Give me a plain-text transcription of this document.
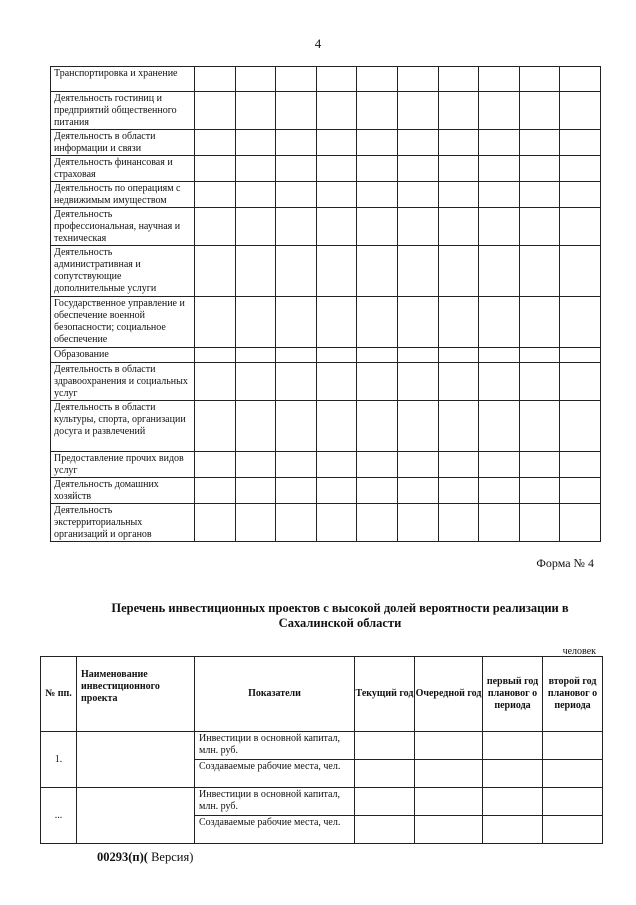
4
Транспортировка и хранение										
Деятельность гостиниц и предприятий общественного питания										
Деятельность в области информации и связи										
Деятельность финансовая и страховая										
Деятельность по операциям с недвижимым имуществом										
Деятельность профессиональная, научная и техническая										
Деятельность административная и сопутствующие дополнительные услуги										
Государственное управление и обеспечение военной безопасности; социальное обеспечение										
Образование										
Деятельность в области здравоохранения и социальных услуг										
Деятельность в области культуры, спорта, организации досуга и развлечений										
Предоставление прочих видов услуг										
Деятельность домашних хозяйств										
Деятельность экстерриториальных организаций и органов										
Форма № 4
Перечень инвестиционных проектов с высокой долей вероятности реализации в Сахалинской области
человек
№ пп.	Наименование инвестиционного проекта	Показатели	Текущий год	Очередной год	первый год плановог о периода	второй год плановог о периода
1.		Инвестиции в основной капитал, млн. руб.				
		Создаваемые рабочие места, чел.				
...		Инвестиции в основной капитал, млн. руб.				
		Создаваемые рабочие места, чел.				
00293(п)( Версия)
